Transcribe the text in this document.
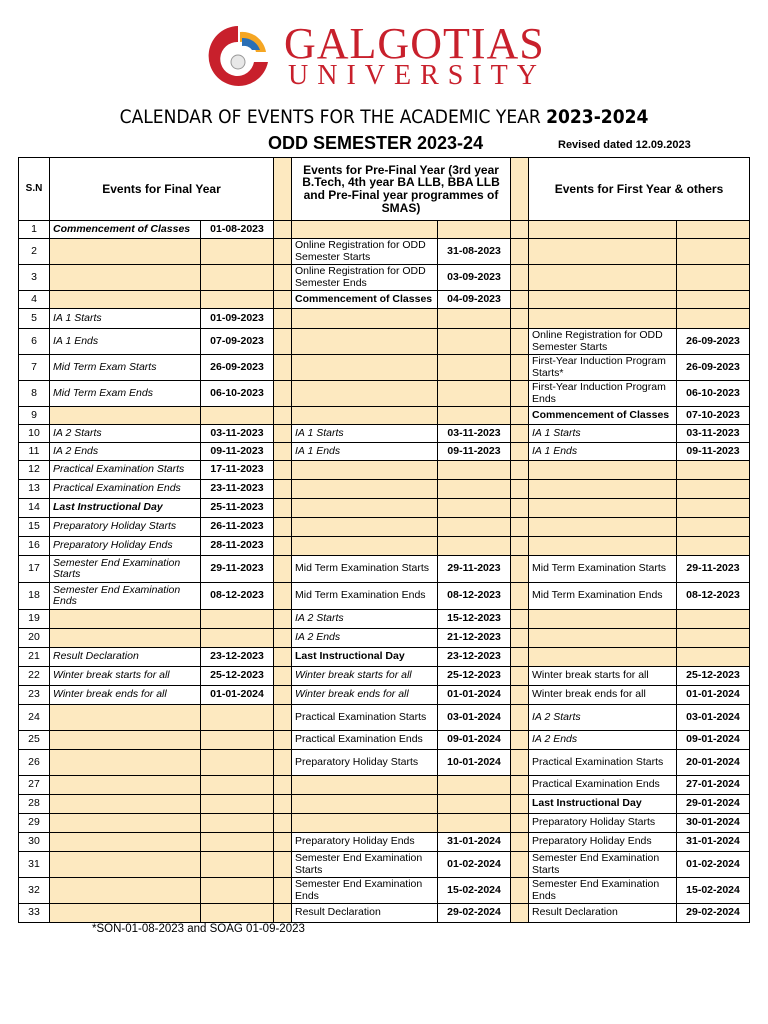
GALGOTIAS
UNIVERSITY
CALENDAR OF EVENTS FOR THE ACADEMIC YEAR 2023-2024
ODD SEMESTER 2023-24	Revised dated 12.09.2023
S.N	Events for Final Year			Events for Pre-Final Year (3rd year B.Tech, 4th year BA LLB, BBA LLB and Pre-Final year programmes of SMAS)			Events for First Year & others	
1	Commencement of Classes	01-08-2023						
2				Online Registration for ODD Semester Starts	31-08-2023			
3				Online Registration for ODD Semester Ends	03-09-2023			
4				Commencement of Classes	04-09-2023			
5	IA 1 Starts	01-09-2023						
6	IA 1 Ends	07-09-2023					Online Registration for ODD Semester Starts	26-09-2023
7	Mid Term Exam Starts	26-09-2023					First-Year Induction Program Starts*	26-09-2023
8	Mid Term Exam Ends	06-10-2023					First-Year Induction Program Ends	06-10-2023
9							Commencement of Classes	07-10-2023
10	IA 2 Starts	03-11-2023		IA 1 Starts	03-11-2023		IA 1 Starts	03-11-2023
11	IA 2 Ends	09-11-2023		IA 1 Ends	09-11-2023		IA 1 Ends	09-11-2023
12	Practical Examination Starts	17-11-2023						
13	Practical Examination Ends	23-11-2023						
14	Last Instructional Day	25-11-2023						
15	Preparatory Holiday Starts	26-11-2023						
16	Preparatory Holiday Ends	28-11-2023						
17	Semester End Examination Starts	29-11-2023		Mid Term Examination Starts	29-11-2023		Mid Term Examination Starts	29-11-2023
18	Semester End Examination Ends	08-12-2023		Mid Term Examination Ends	08-12-2023		Mid Term Examination Ends	08-12-2023
19				IA 2 Starts	15-12-2023			
20				IA 2 Ends	21-12-2023			
21	Result Declaration	23-12-2023		Last Instructional Day	23-12-2023			
22	Winter break starts for all	25-12-2023		Winter break starts for all	25-12-2023		Winter break starts for all	25-12-2023
23	Winter break ends for all	01-01-2024		Winter break ends for all	01-01-2024		Winter break ends for all	01-01-2024
24				Practical Examination Starts	03-01-2024		IA 2 Starts	03-01-2024
25				Practical Examination Ends	09-01-2024		IA 2 Ends	09-01-2024
26				Preparatory Holiday Starts	10-01-2024		Practical Examination Starts	20-01-2024
27							Practical Examination Ends	27-01-2024
28							Last Instructional Day	29-01-2024
29							Preparatory Holiday Starts	30-01-2024
30				Preparatory Holiday Ends	31-01-2024		Preparatory Holiday Ends	31-01-2024
31				Semester End Examination Starts	01-02-2024		Semester End Examination Starts	01-02-2024
32				Semester End Examination Ends	15-02-2024		Semester End Examination Ends	15-02-2024
33				Result Declaration	29-02-2024		Result Declaration	29-02-2024
*SON-01-08-2023 and SOAG 01-09-2023
